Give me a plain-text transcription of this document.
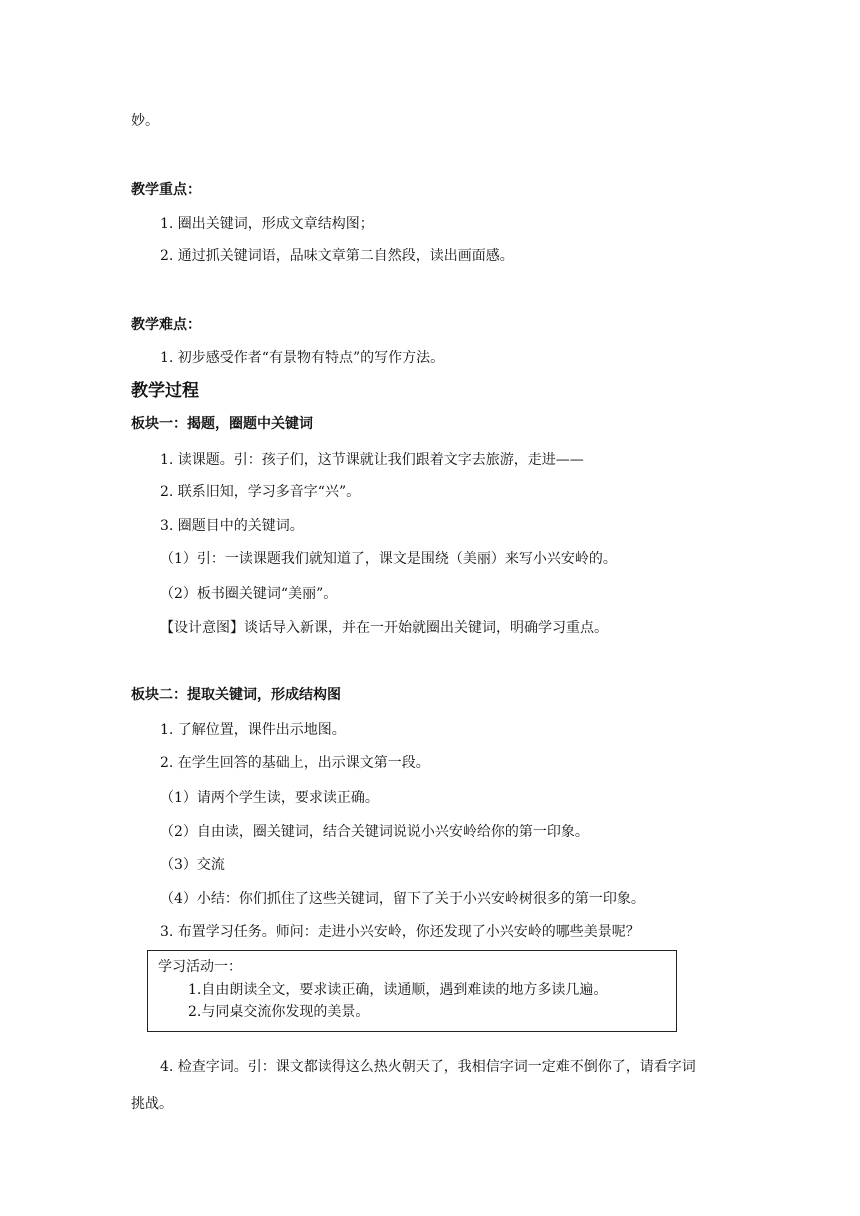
妙。
教学重点：
1. 圈出关键词，形成文章结构图；
2. 通过抓关键词语，品味文章第二自然段，读出画面感。
教学难点：
1. 初步感受作者“有景物有特点”的写作方法。
教学过程
板块一：揭题，圈题中关键词
1. 读课题。引：孩子们，这节课就让我们跟着文字去旅游，走进——
2. 联系旧知，学习多音字“兴”。
3. 圈题目中的关键词。
（1）引：一读课题我们就知道了，课文是围绕（美丽）来写小兴安岭的。
（2）板书圈关键词“美丽”。
【设计意图】谈话导入新课，并在一开始就圈出关键词，明确学习重点。
板块二：提取关键词，形成结构图
1. 了解位置，课件出示地图。
2. 在学生回答的基础上，出示课文第一段。
（1）请两个学生读，要求读正确。
（2）自由读，圈关键词，结合关键词说说小兴安岭给你的第一印象。
（3）交流
（4）小结：你们抓住了这些关键词，留下了关于小兴安岭树很多的第一印象。
3. 布置学习任务。师问：走进小兴安岭，你还发现了小兴安岭的哪些美景呢？
学习活动一：
1.自由朗读全文，要求读正确，读通顺，遇到难读的地方多读几遍。
2.与同桌交流你发现的美景。
4. 检查字词。引：课文都读得这么热火朝天了，我相信字词一定难不倒你了，请看字词
挑战。
